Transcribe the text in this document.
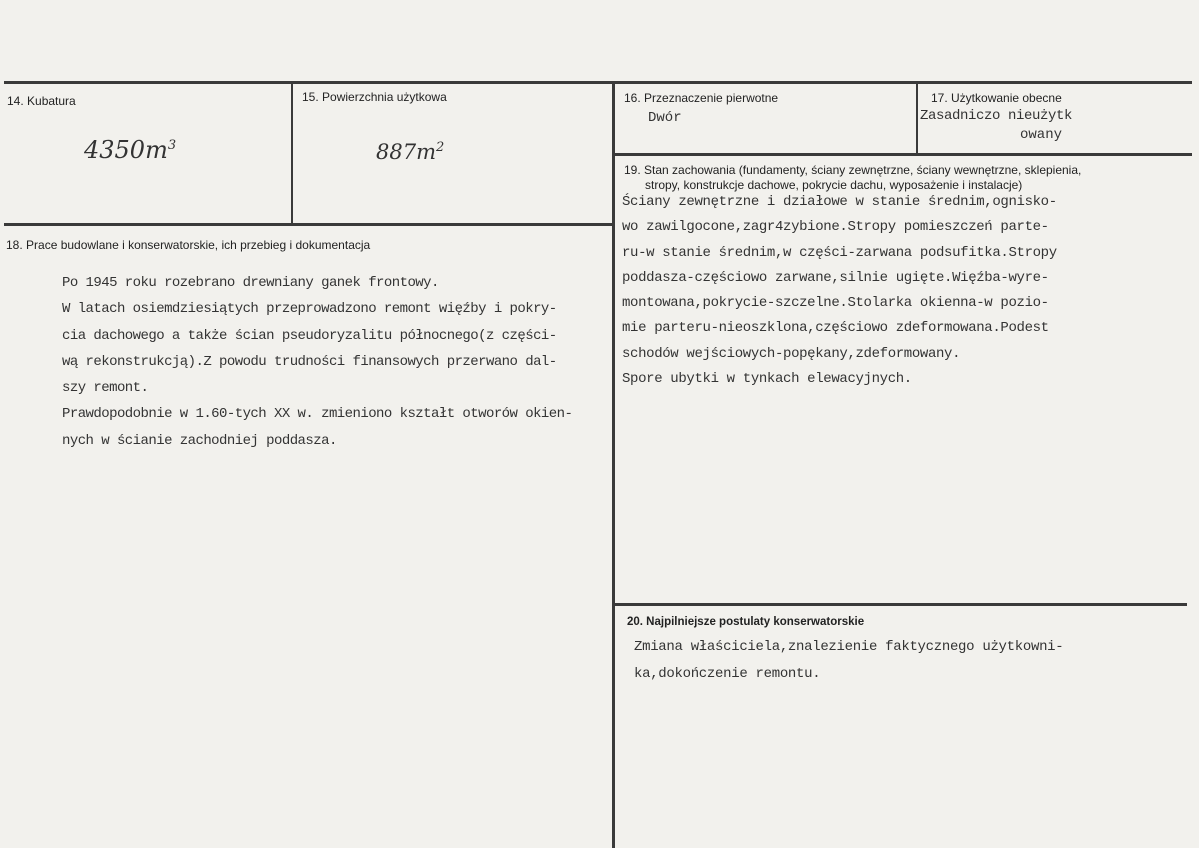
14. Kubatura
$4350m^3$
15. Powierzchnia użytkowa
$887m^2$
16. Przeznaczenie pierwotne
Dwór
17. Użytkowanie obecne
Zasadniczo nieużytk
owany
18. Prace budowlane i konserwatorskie, ich przebieg i dokumentacja
Po 1945 roku rozebrano drewniany ganek frontowy.
W latach osiemdziesiątych przeprowadzono remont więźby i pokry-
cia dachowego a także ścian pseudoryzalitu północnego(z części-
wą rekonstrukcją).Z powodu trudności finansowych przerwano dal-
szy remont.
Prawdopodobnie w 1.60-tych XX w. zmieniono kształt otworów okien-
nych w ścianie zachodniej poddasza.
19. Stan zachowania (fundamenty, ściany zewnętrzne, ściany wewnętrzne, sklepienia,
stropy, konstrukcje dachowe, pokrycie dachu, wyposażenie i instalacje)
Ściany zewnętrzne i działowe w stanie średnim,ognisko-
wo zawilgocone,zagr4zybione.Stropy pomieszczeń parte-
ru-w stanie średnim,w części-zarwana podsufitka.Stropy
poddasza-częściowo zarwane,silnie ugięte.Więźba-wyre-
montowana,pokrycie-szczelne.Stolarka okienna-w pozio-
mie parteru-nieoszklona,częściowo zdeformowana.Podest
schodów wejściowych-popękany,zdeformowany.
Spore ubytki w tynkach elewacyjnych.
20. Najpilniejsze postulaty konserwatorskie
Zmiana właściciela,znalezienie faktycznego użytkowni-
ka,dokończenie remontu.
